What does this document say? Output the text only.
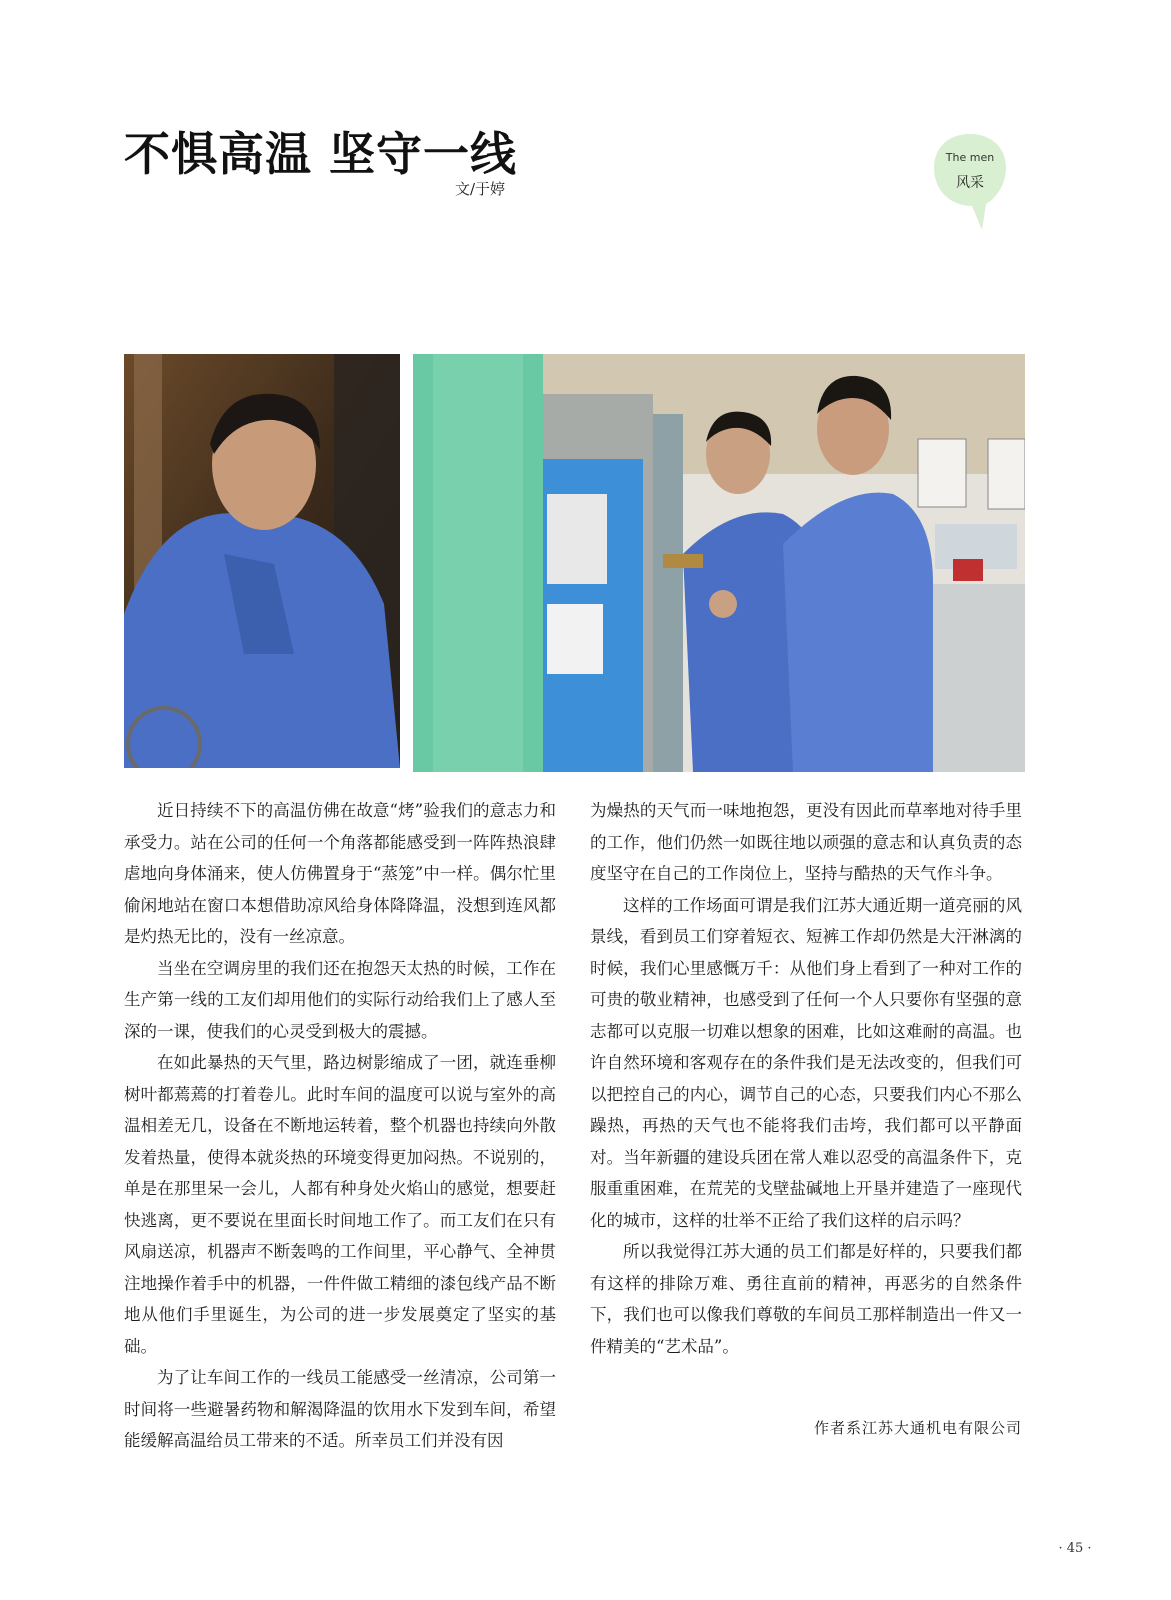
不惧高温 坚守一线
文/于婷
The men
风采

近日持续不下的高温仿佛在故意“烤”验我们的意志力和承受力。站在公司的任何一个角落都能感受到一阵阵热浪肆虐地向身体涌来，使人仿佛置身于“蒸笼”中一样。偶尔忙里偷闲地站在窗口本想借助凉风给身体降降温，没想到连风都是灼热无比的，没有一丝凉意。

当坐在空调房里的我们还在抱怨天太热的时候，工作在生产第一线的工友们却用他们的实际行动给我们上了感人至深的一课，使我们的心灵受到极大的震撼。

在如此暴热的天气里，路边树影缩成了一团，就连垂柳树叶都蔫蔫的打着卷儿。此时车间的温度可以说与室外的高温相差无几，设备在不断地运转着，整个机器也持续向外散发着热量，使得本就炎热的环境变得更加闷热。不说别的，单是在那里呆一会儿，人都有种身处火焰山的感觉，想要赶快逃离，更不要说在里面长时间地工作了。而工友们在只有风扇送凉，机器声不断轰鸣的工作间里，平心静气、全神贯注地操作着手中的机器，一件件做工精细的漆包线产品不断地从他们手里诞生，为公司的进一步发展奠定了坚实的基础。

为了让车间工作的一线员工能感受一丝清凉，公司第一时间将一些避暑药物和解渴降温的饮用水下发到车间，希望能缓解高温给员工带来的不适。所幸员工们并没有因

为燥热的天气而一味地抱怨，更没有因此而草率地对待手里的工作，他们仍然一如既往地以顽强的意志和认真负责的态度坚守在自己的工作岗位上，坚持与酷热的天气作斗争。

这样的工作场面可谓是我们江苏大通近期一道亮丽的风景线，看到员工们穿着短衣、短裤工作却仍然是大汗淋漓的时候，我们心里感慨万千：从他们身上看到了一种对工作的可贵的敬业精神，也感受到了任何一个人只要你有坚强的意志都可以克服一切难以想象的困难，比如这难耐的高温。也许自然环境和客观存在的条件我们是无法改变的，但我们可以把控自己的内心，调节自己的心态，只要我们内心不那么躁热，再热的天气也不能将我们击垮，我们都可以平静面对。当年新疆的建设兵团在常人难以忍受的高温条件下，克服重重困难，在荒芜的戈壁盐碱地上开垦并建造了一座现代化的城市，这样的壮举不正给了我们这样的启示吗？

所以我觉得江苏大通的员工们都是好样的，只要我们都有这样的排除万难、勇往直前的精神，再恶劣的自然条件下，我们也可以像我们尊敬的车间员工那样制造出一件又一件精美的“艺术品”。

作者系江苏大通机电有限公司
· 45 ·
